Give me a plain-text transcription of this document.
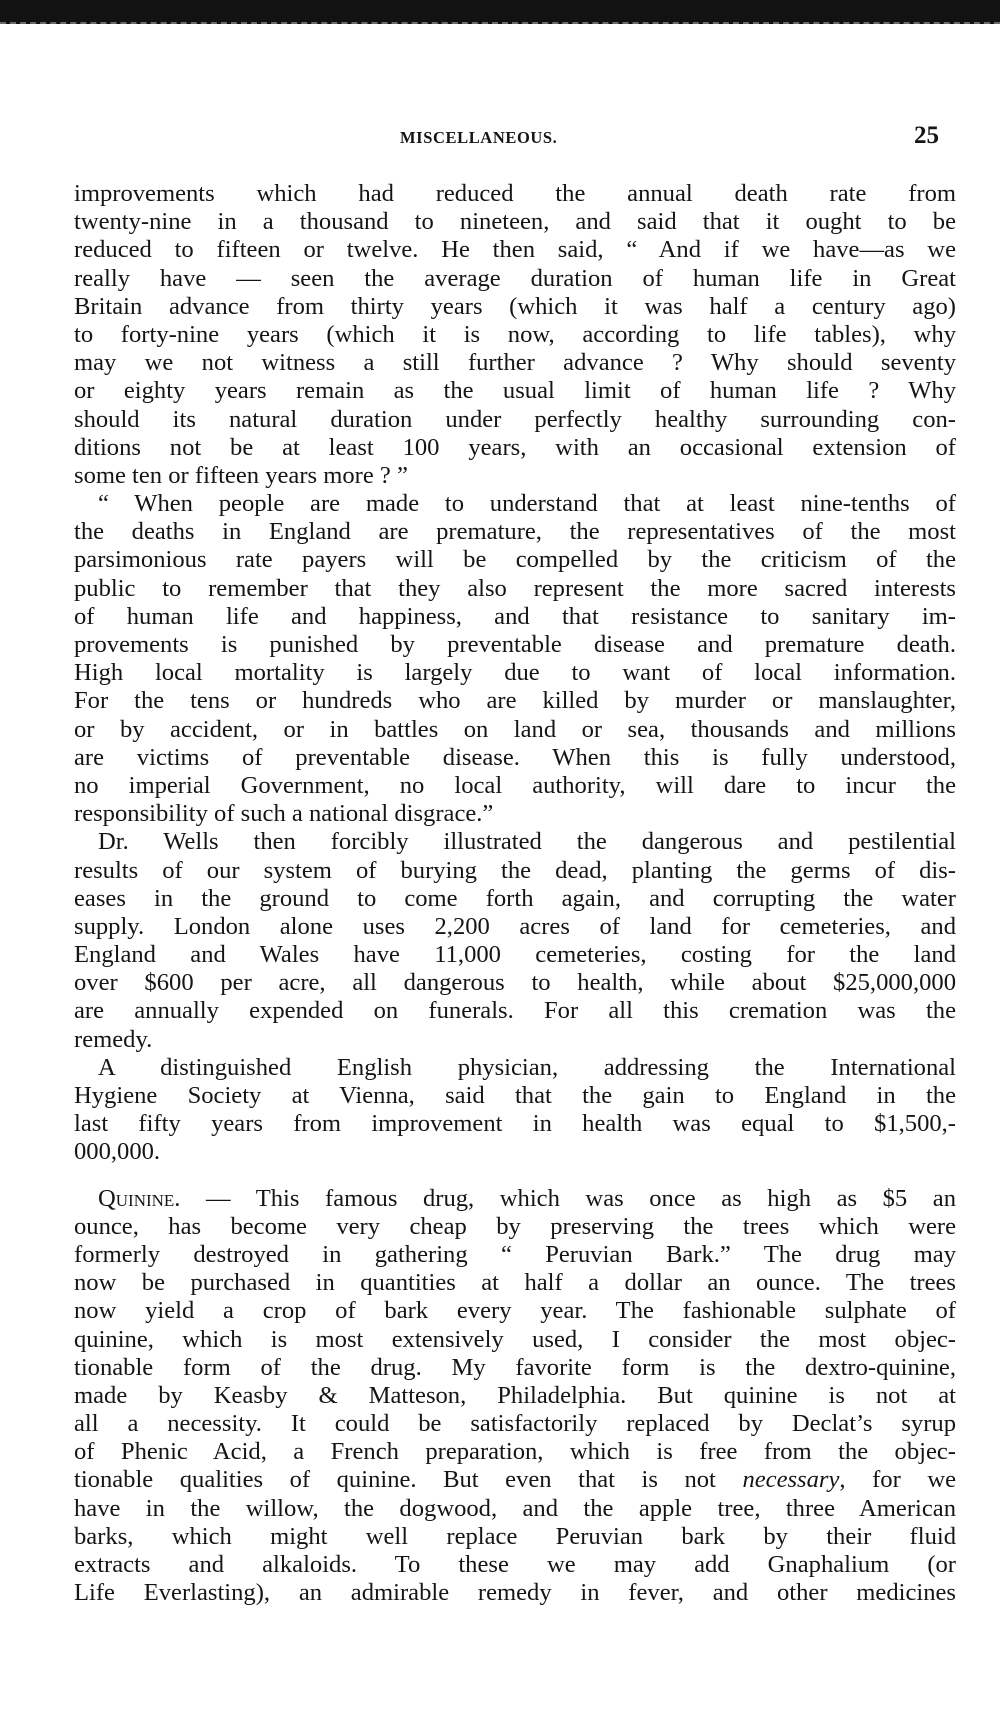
MISCELLANEOUS.	25
improvements which had reduced the annual death rate from
twenty-nine in a thousand to nineteen, and said that it ought to be
reduced to fifteen or twelve. He then said, “ And if we have—as we
really have — seen the average duration of human life in Great
Britain advance from thirty years (which it was half a century ago)
to forty-nine years (which it is now, according to life tables), why
may we not witness a still further advance ? Why should seventy
or eighty years remain as the usual limit of human life ? Why
should its natural duration under perfectly healthy surrounding con-
ditions not be at least 100 years, with an occasional extension of
some ten or fifteen years more ? ”
“ When people are made to understand that at least nine-tenths of
the deaths in England are premature, the representatives of the most
parsimonious rate payers will be compelled by the criticism of the
public to remember that they also represent the more sacred interests
of human life and happiness, and that resistance to sanitary im-
provements is punished by preventable disease and premature death.
High local mortality is largely due to want of local information.
For the tens or hundreds who are killed by murder or manslaughter,
or by accident, or in battles on land or sea, thousands and millions
are victims of preventable disease. When this is fully understood,
no imperial Government, no local authority, will dare to incur the
responsibility of such a national disgrace.”
Dr. Wells then forcibly illustrated the dangerous and pestilential
results of our system of burying the dead, planting the germs of dis-
eases in the ground to come forth again, and corrupting the water
supply. London alone uses 2,200 acres of land for cemeteries, and
England and Wales have 11,000 cemeteries, costing for the land
over $600 per acre, all dangerous to health, while about $25,000,000
are annually expended on funerals. For all this cremation was the
remedy.
A distinguished English physician, addressing the International
Hygiene Society at Vienna, said that the gain to England in the
last fifty years from improvement in health was equal to $1,500,-
000,000.
Quinine. — This famous drug, which was once as high as $5 an
ounce, has become very cheap by preserving the trees which were
formerly destroyed in gathering “ Peruvian Bark.” The drug may
now be purchased in quantities at half a dollar an ounce. The trees
now yield a crop of bark every year. The fashionable sulphate of
quinine, which is most extensively used, I consider the most objec-
tionable form of the drug. My favorite form is the dextro-quinine,
made by Keasby & Matteson, Philadelphia. But quinine is not at
all a necessity. It could be satisfactorily replaced by Declat’s syrup
of Phenic Acid, a French preparation, which is free from the objec-
tionable qualities of quinine. But even that is not necessary, for we
have in the willow, the dogwood, and the apple tree, three American
barks, which might well replace Peruvian bark by their fluid
extracts and alkaloids. To these we may add Gnaphalium (or
Life Everlasting), an admirable remedy in fever, and other medicines
